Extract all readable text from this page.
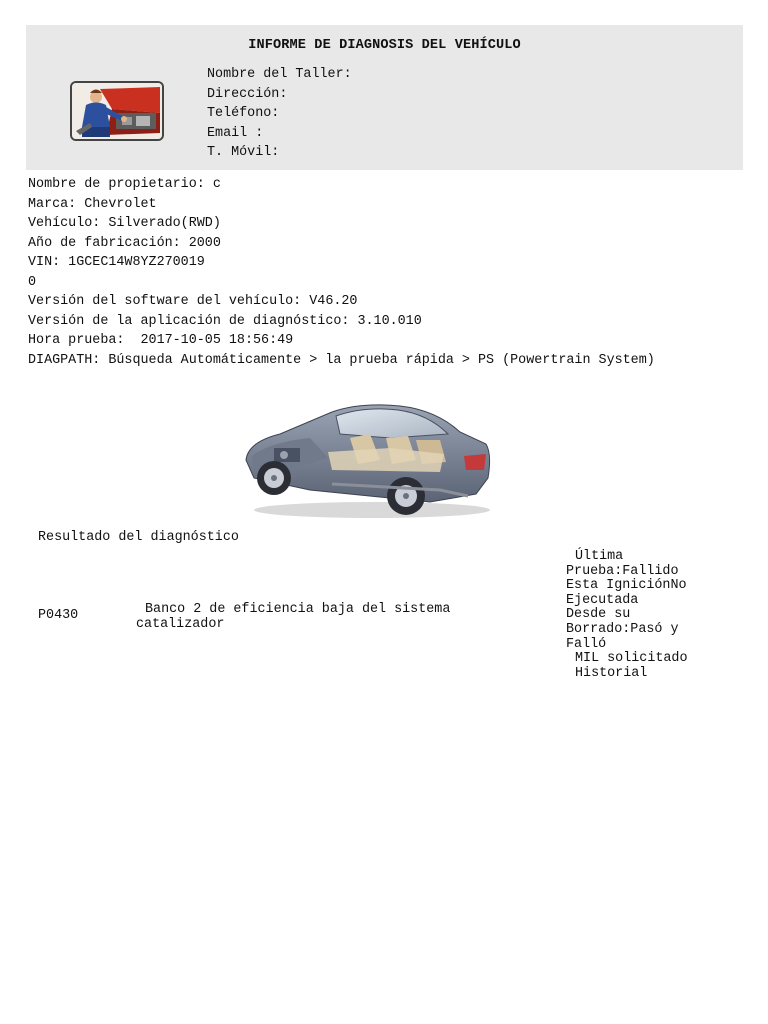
INFORME DE DIAGNOSIS DEL VEHÍCULO
Nombre del Taller:
Dirección:
Teléfono:
Email :
T. Móvil:
Nombre de propietario: c
Marca: Chevrolet
Vehículo: Silverado(RWD)
Año de fabricación: 2000
VIN: 1GCEC14W8YZ270019
0
Versión del software del vehículo: V46.20
Versión de la aplicación de diagnóstico: 3.10.010
Hora prueba:  2017-10-05 18:56:49
DIAGPATH: Búsqueda Automáticamente > la prueba rápida > PS (Powertrain System)
Resultado del diagnóstico
P0430	Banco 2 de eficiencia baja del sistema catalizador
Última
Prueba:Fallido
Esta IgniciónNo
Ejecutada
Desde su
Borrado:Pasó y
Falló
MIL solicitado
Historial
